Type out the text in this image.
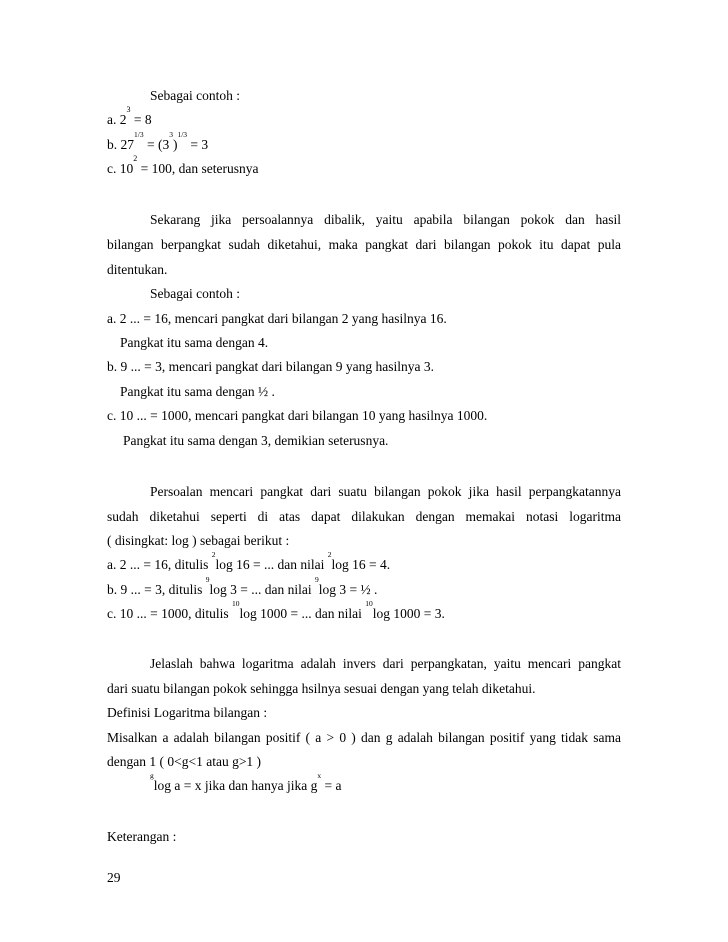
Sebagai contoh :
a. $2^3 = 8$
b. $27^{1/3} = (3^3)^{1/3} = 3$
c. $10^2 = 100$, dan seterusnya
Sekarang jika persoalannya dibalik, yaitu apabila bilangan pokok dan hasil
bilangan berpangkat sudah diketahui, maka pangkat dari bilangan pokok itu dapat pula
ditentukan.
Sebagai contoh :
a. 2 ... = 16, mencari pangkat dari bilangan 2 yang hasilnya 16.
Pangkat itu sama dengan 4.
b. 9 ... = 3, mencari pangkat dari bilangan 9 yang hasilnya 3.
Pangkat itu sama dengan ½ .
c. 10 ... = 1000, mencari pangkat dari bilangan 10 yang hasilnya 1000.
Pangkat itu sama dengan 3, demikian seterusnya.
Persoalan mencari pangkat dari suatu bilangan pokok jika hasil perpangkatannya
sudah diketahui seperti di atas dapat dilakukan dengan memakai notasi logaritma
( disingkat: log ) sebagai berikut :
a. 2 ... = 16, ditulis $^2$log 16 = ... dan nilai $^2$log 16 = 4.
b. 9 ... = 3, ditulis $^9$log 3 = ... dan nilai $^9$log 3 = ½ .
c. 10 ... = 1000, ditulis $^{10}$log 1000 = ... dan nilai $^{10}$log 1000 = 3.
Jelaslah bahwa logaritma adalah invers dari perpangkatan, yaitu mencari pangkat
dari suatu bilangan pokok sehingga hsilnya sesuai dengan yang telah diketahui.
Definisi Logaritma bilangan :
Misalkan a adalah bilangan positif ( a > 0 ) dan g adalah bilangan positif yang tidak sama
dengan 1 ( 0<g<1 atau g>1 )
$^g$log a = x jika dan hanya jika $g^x = a$
Keterangan :
29
